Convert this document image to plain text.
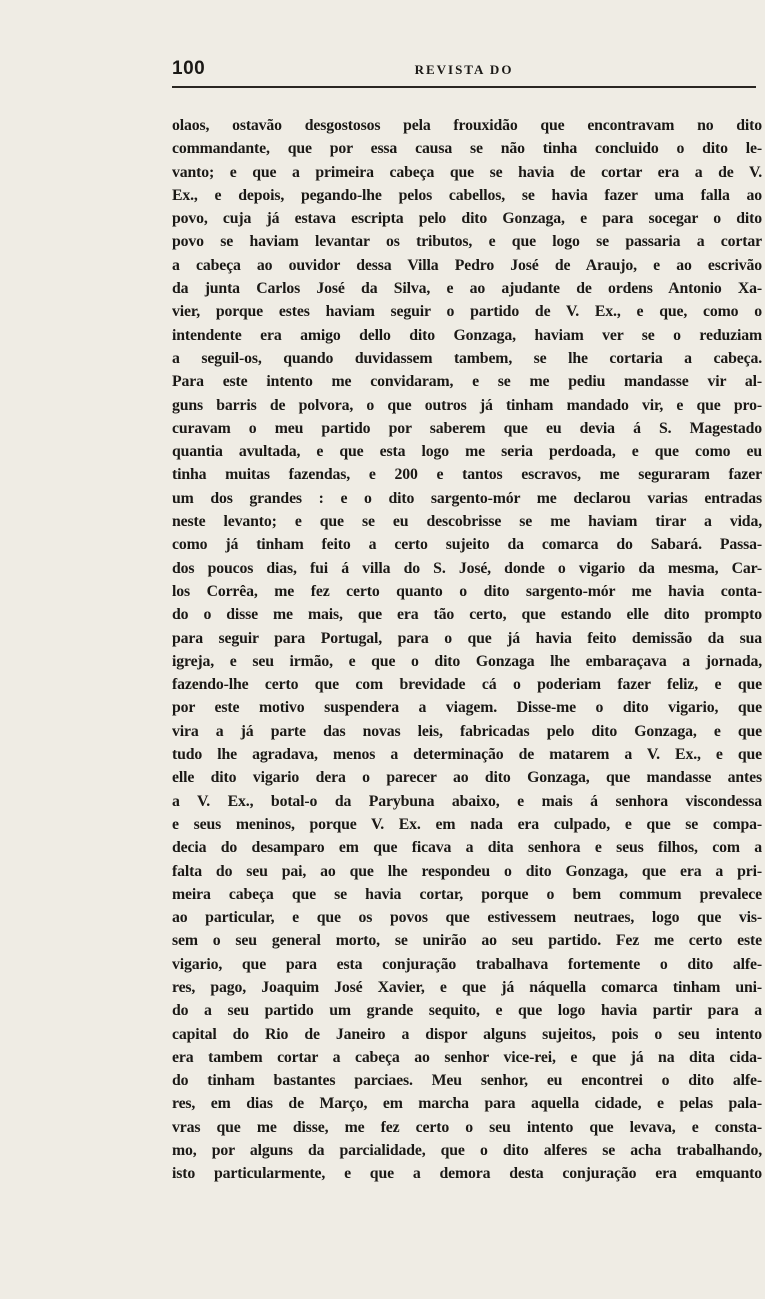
100	REVISTA DO
olaos, ostavão desgostosos pela frouxidão que encontravam no dito
commandante, que por essa causa se não tinha concluido o dito le-
vanto; e que a primeira cabeça que se havia de cortar era a de V.
Ex., e depois, pegando-lhe pelos cabellos, se havia fazer uma falla ao
povo, cuja já estava escripta pelo dito Gonzaga, e para socegar o dito
povo se haviam levantar os tributos, e que logo se passaria a cortar
a cabeça ao ouvidor dessa Villa Pedro José de Araujo, e ao escrivão
da junta Carlos José da Silva, e ao ajudante de ordens Antonio Xa-
vier, porque estes haviam seguir o partido de V. Ex., e que, como o
intendente era amigo dello dito Gonzaga, haviam ver se o reduziam
a seguil-os, quando duvidassem tambem, se lhe cortaria a cabeça.
Para este intento me convidaram, e se me pediu mandasse vir al-
guns barris de polvora, o que outros já tinham mandado vir, e que pro-
curavam o meu partido por saberem que eu devia á S. Magestado
quantia avultada, e que esta logo me seria perdoada, e que como eu
tinha muitas fazendas, e 200 e tantos escravos, me seguraram fazer
um dos grandes : e o dito sargento-mór me declarou varias entradas
neste levanto; e que se eu descobrisse se me haviam tirar a vida,
como já tinham feito a certo sujeito da comarca do Sabará. Passa-
dos poucos dias, fui á villa do S. José, donde o vigario da mesma, Car-
los Corrêa, me fez certo quanto o dito sargento-mór me havia conta-
do o disse me mais, que era tão certo, que estando elle dito prompto
para seguir para Portugal, para o que já havia feito demissão da sua
igreja, e seu irmão, e que o dito Gonzaga lhe embaraçava a jornada,
fazendo-lhe certo que com brevidade cá o poderiam fazer feliz, e que
por este motivo suspendera a viagem. Disse-me o dito vigario, que
vira a já parte das novas leis, fabricadas pelo dito Gonzaga, e que
tudo lhe agradava, menos a determinação de matarem a V. Ex., e que
elle dito vigario dera o parecer ao dito Gonzaga, que mandasse antes
a V. Ex., botal-o da Parybuna abaixo, e mais á senhora viscondessa
e seus meninos, porque V. Ex. em nada era culpado, e que se compa-
decia do desamparo em que ficava a dita senhora e seus filhos, com a
falta do seu pai, ao que lhe respondeu o dito Gonzaga, que era a pri-
meira cabeça que se havia cortar, porque o bem commum prevalece
ao particular, e que os povos que estivessem neutraes, logo que vis-
sem o seu general morto, se unirão ao seu partido. Fez me certo este
vigario, que para esta conjuração trabalhava fortemente o dito alfe-
res, pago, Joaquim José Xavier, e que já náquella comarca tinham uni-
do a seu partido um grande sequito, e que logo havia partir para a
capital do Rio de Janeiro a dispor alguns sujeitos, pois o seu intento
era tambem cortar a cabeça ao senhor vice-rei, e que já na dita cida-
do tinham bastantes parciaes. Meu senhor, eu encontrei o dito alfe-
res, em dias de Março, em marcha para aquella cidade, e pelas pala-
vras que me disse, me fez certo o seu intento que levava, e consta-
mo, por alguns da parcialidade, que o dito alferes se acha trabalhando,
isto particularmente, e que a demora desta conjuração era emquanto
